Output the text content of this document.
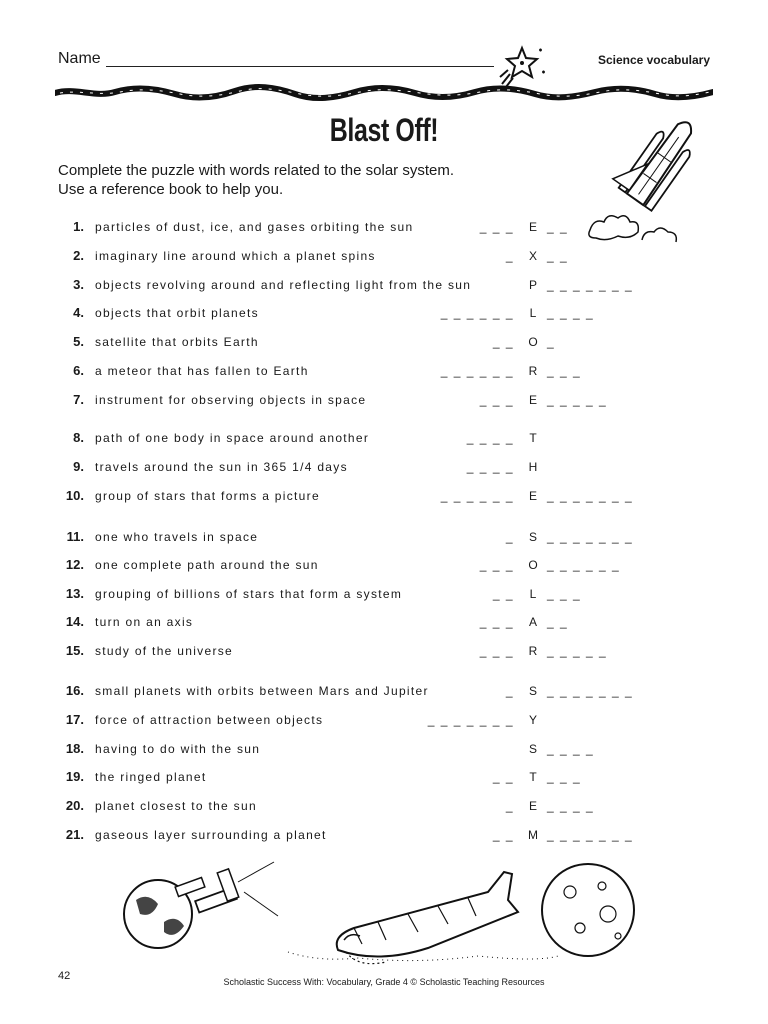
Name	Science vocabulary
Blast Off!
Complete the puzzle with words related to the solar system.
Use a reference book to help you.
1. particles of dust, ice, and gases orbiting the sun	_ _ _ E _ _
2. imaginary line around which a planet spins	_ X _ _
3. objects revolving around and reflecting light from the sun	P _ _ _ _ _ _ _
4. objects that orbit planets	_ _ _ _ _ _ L _ _ _ _
5. satellite that orbits Earth	_ _ O _
6. a meteor that has fallen to Earth	_ _ _ _ _ _ R _ _ _
7. instrument for observing objects in space	_ _ _ E _ _ _ _ _
8. path of one body in space around another	_ _ _ _ T
9. travels around the sun in 365 1/4 days	_ _ _ _ H
10. group of stars that forms a picture	_ _ _ _ _ _ E _ _ _ _ _ _ _
11. one who travels in space	_ S _ _ _ _ _ _ _
12. one complete path around the sun	_ _ _ O _ _ _ _ _ _
13. grouping of billions of stars that form a system	_ _ L _ _ _
14. turn on an axis	_ _ _ A _ _
15. study of the universe	_ _ _ R _ _ _ _ _
16. small planets with orbits between Mars and Jupiter	_ S _ _ _ _ _ _ _
17. force of attraction between objects	_ _ _ _ _ _ _ Y
18. having to do with the sun	S _ _ _ _
19. the ringed planet	_ _ T _ _ _
20. planet closest to the sun	_ E _ _ _ _
21. gaseous layer surrounding a planet	_ _ M _ _ _ _ _ _ _
42	Scholastic Success With: Vocabulary, Grade 4 © Scholastic Teaching Resources
